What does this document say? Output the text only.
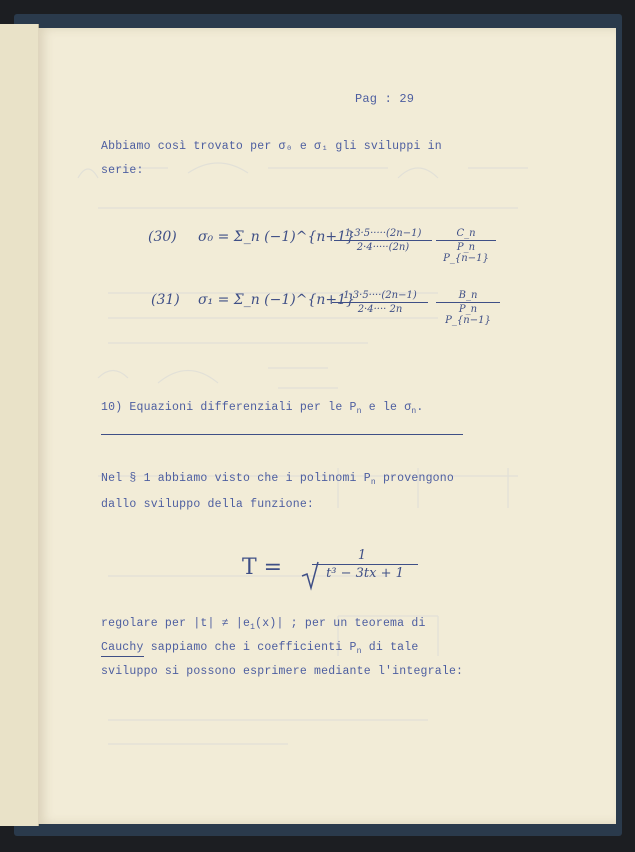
Pag : 29
Abbiamo così trovato per σ₀ e σ₁ gli sviluppi in
serie:
(30) σ₀ = Σ_n (−1)^{n+1}
$\frac{1\cdot 3\cdot 5\cdot\cdot\cdot\cdot\cdot(2n-1)}{2\cdot 4\cdot\cdot\cdot\cdot\cdot(2n)} \frac{C\_n}{\text{P\_n P\_\{n−1\}}}$
(31) σ₁ = Σ_n (−1)^{n+1}
$\frac{1\cdot 3\cdot 5\cdot\cdot\cdot\cdot(2n-1)}{2\cdot 4\cdot\cdot\cdot\cdot 2n} \frac{B\_n}{\text{P\_n P\_\{n−1\}}}$
10) Equazioni differenziali per le $P_n$ e le $\sigma_n$.
Nel § 1 abbiamo visto che i polinomi $P_n$ provengono
dallo sviluppo della funzione:
$T = \frac{1}{\text{t³ − 3tx + 1}}$
regolare per $|t| \ne |e_1(x)|$ ; per un teorema di
Cauchy sappiamo che i coefficienti $P_n$ di tale
sviluppo si possono esprimere mediante l'integrale:
